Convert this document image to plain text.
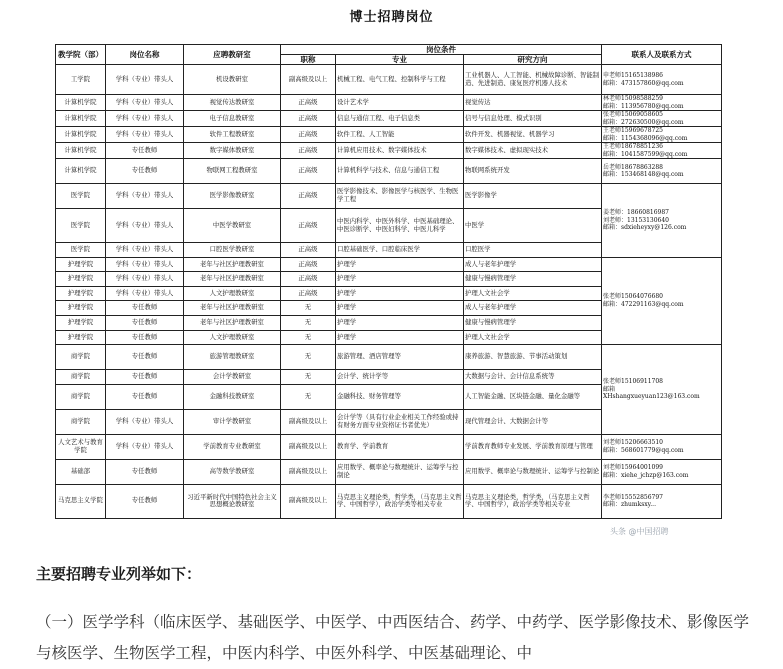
博士招聘岗位
教学院（部）	岗位名称	应聘教研室	岗位条件			联系人及联系方式
			职称	专业	研究方向	
工学院	学科（专业）带头人	机设教研室	副高级及以上	机械工程、电气工程、控制科学与工程	工业机器人、人工智能、机械故障诊断、智能制造、先进制造、康复医疗机器人技术	申老师15165138986
邮箱：473157860@qq.com

计算机学院	学科（专业）带头人	视觉传达教研室	正高级	设计艺术学	视觉传达	林老师15098588259
邮箱：113956780@qq.com

计算机学院	学科（专业）带头人	电子信息教研室	正高级	信息与通信工程、电子信息类	信号与信息处理、模式识别	张老师15069058605
邮箱：272630500@qq.com

计算机学院	学科（专业）带头人	软件工程教研室	正高级	软件工程、人工智能	软件开发、机器视觉、机器学习	王老师15969678725
邮箱：1154368096@qq.com

计算机学院	专任教师	数字媒体教研室	正高级	计算机应用技术、数字媒体技术	数字媒体技术、虚拟现实技术	王老师18678851236
邮箱：1041587599@qq.com

计算机学院	专任教师	物联网工程教研室	正高级	计算机科学与技术、信息与通信工程	物联网系统开发	岳老师18678863288
邮箱：153468148@qq.com

医学院	学科（专业）带头人	医学影像教研室	正高级	医学影像技术、影像医学与核医学、生物医学工程	医学影像学	姜老师：18660816987
刘老师：13153130640
邮箱：sdxieheyxy@126.com

医学院	学科（专业）带头人	中医学教研室	正高级	中医内科学、中医外科学、中医基础理论、中医诊断学、中医妇科学、中医儿科学	中医学	
医学院	学科（专业）带头人	口腔医学教研室	正高级	口腔基础医学、口腔临床医学	口腔医学	
护理学院	学科（专业）带头人	老年与社区护理教研室	正高级	护理学	成人与老年护理学	张老师15064076680
邮箱：472291163@qq.com

护理学院	学科（专业）带头人	老年与社区护理教研室	正高级	护理学	健康与慢病管理学	
护理学院	学科（专业）带头人	人文护理教研室	正高级	护理学	护理人文社会学	
护理学院	专任教师	老年与社区护理教研室	无	护理学	成人与老年护理学	
护理学院	专任教师	老年与社区护理教研室	无	护理学	健康与慢病管理学	
护理学院	专任教师	人文护理教研室	无	护理学	护理人文社会学	
商学院	专任教师	旅游管理教研室	无	旅游管理、酒店管理等	康养旅游、智慧旅游、节事活动策划	张老师15106911708
邮箱
XHshangxueyuan123@163.com

商学院	专任教师	会计学教研室	无	会计学、统计学等	大数据与会计、会计信息系统等	
商学院	专任教师	金融科技教研室	无	金融科技、财务管理等	人工智能金融、区块链金融、量化金融等	
商学院	学科（专业）带头人	审计学教研室	副高级及以上	会计学等（具有行业企业相关工作经验或持有财务方面专业资格证书者优先）	现代管理会计、大数据会计等	
人文艺术与教育学院	学科（专业）带头人	学前教育专业教研室	副高级及以上	教育学、学前教育	学前教育教师专业发展、学前教育原理与管理	刘老师15206663510
邮箱：568601779@qq.com

基础部	专任教师	高等数学教研室	副高级及以上	应用数学、概率论与数理统计、运筹学与控制论	应用数学、概率论与数理统计、运筹学与控制论	刘老师15964001099
邮箱：xiehe_jchzp@163.com

马克思主义学院	专任教师	习近平新时代中国特色社会主义思想概论教研室	副高级及以上	马克思主义理论类，哲学类，（马克思主义哲学、中国哲学），政治学类等相关专业	马克思主义理论类，哲学类，（马克思主义哲学、中国哲学），政治学类等相关专业	李老师15552856797
邮箱：zhumksxy...
头条 @中国招聘
主要招聘专业列举如下：
（一）医学学科（临床医学、基础医学、中医学、中西医结合、药学、中药学、医学影像技术、影像医学与核医学、生物医学工程，中医内科学、中医外科学、中医基础理论、中
